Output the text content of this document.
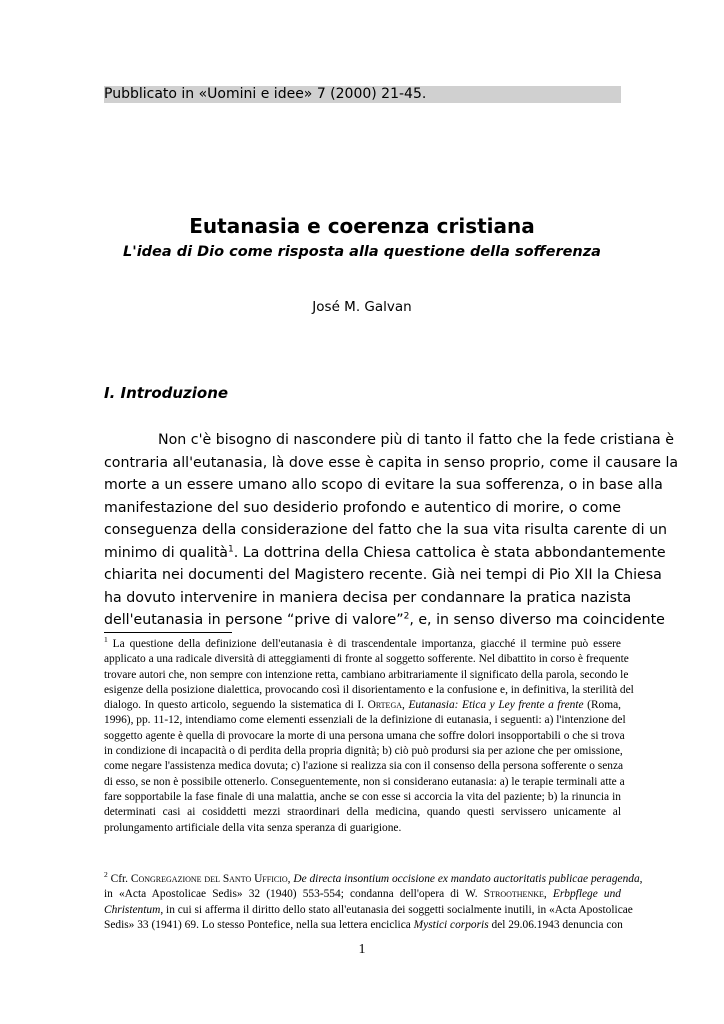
Pubblicato in «Uomini e idee» 7 (2000) 21-45.
Eutanasia e coerenza cristiana
L'idea di Dio come risposta alla questione della sofferenza
José M. Galvan
I. Introduzione
Non c'è bisogno di nascondere più di tanto il fatto che la fede cristiana è
contraria all'eutanasia, là dove esse è capita in senso proprio, come il causare la
morte a un essere umano allo scopo di evitare la sua sofferenza, o in base alla
manifestazione del suo desiderio profondo e autentico di morire, o come
conseguenza della considerazione del fatto che la sua vita risulta carente di un
minimo di qualità$^1$. La dottrina della Chiesa cattolica è stata abbondantemente
chiarita nei documenti del Magistero recente. Già nei tempi di Pio XII la Chiesa
ha dovuto intervenire in maniera decisa per condannare la pratica nazista
dell'eutanasia in persone “prive di valore”$^2$, e, in senso diverso ma coincidente
$^1$ La questione della definizione dell'eutanasia è di trascendentale importanza, giacché il termine può essere
applicato a una radicale diversità di atteggiamenti di fronte al soggetto sofferente. Nel dibattito in corso è frequente
trovare autori che, non sempre con intenzione retta, cambiano arbitrariamente il significato della parola, secondo le
esigenze della posizione dialettica, provocando così il disorientamento e la confusione e, in definitiva, la sterilità del
dialogo. In questo articolo, seguendo la sistematica di I. Ortega, Eutanasia: Etica y Ley frente a frente (Roma,
1996), pp. 11-12, intendiamo come elementi essenziali de la definizione di eutanasia, i seguenti: a) l'intenzione del
soggetto agente è quella di provocare la morte di una persona umana che soffre dolori insopportabili o che si trova
in condizione di incapacità o di perdita della propria dignità; b) ciò può prodursi sia per azione che per omissione,
come negare l'assistenza medica dovuta; c) l'azione si realizza sia con il consenso della persona sofferente o senza
di esso, se non è possibile ottenerlo. Conseguentemente, non si considerano eutanasia: a) le terapie terminali atte a
fare sopportabile la fase finale di una malattia, anche se con esse si accorcia la vita del paziente; b) la rinuncia in
determinati casi ai cosiddetti mezzi straordinari della medicina, quando questi servissero unicamente al
prolungamento artificiale della vita senza speranza di guarigione.
$^2$ Cfr. Congregazione del Santo Ufficio, De directa insontium occisione ex mandato auctoritatis publicae peragenda,
in «Acta Apostolicae Sedis» 32 (1940) 553-554; condanna dell'opera di W. Stroothenke, Erbpflege und
Christentum, in cui si afferma il diritto dello stato all'eutanasia dei soggetti socialmente inutili, in «Acta Apostolicae
Sedis» 33 (1941) 69. Lo stesso Pontefice, nella sua lettera enciclica Mystici corporis del 29.06.1943 denuncia con
1
